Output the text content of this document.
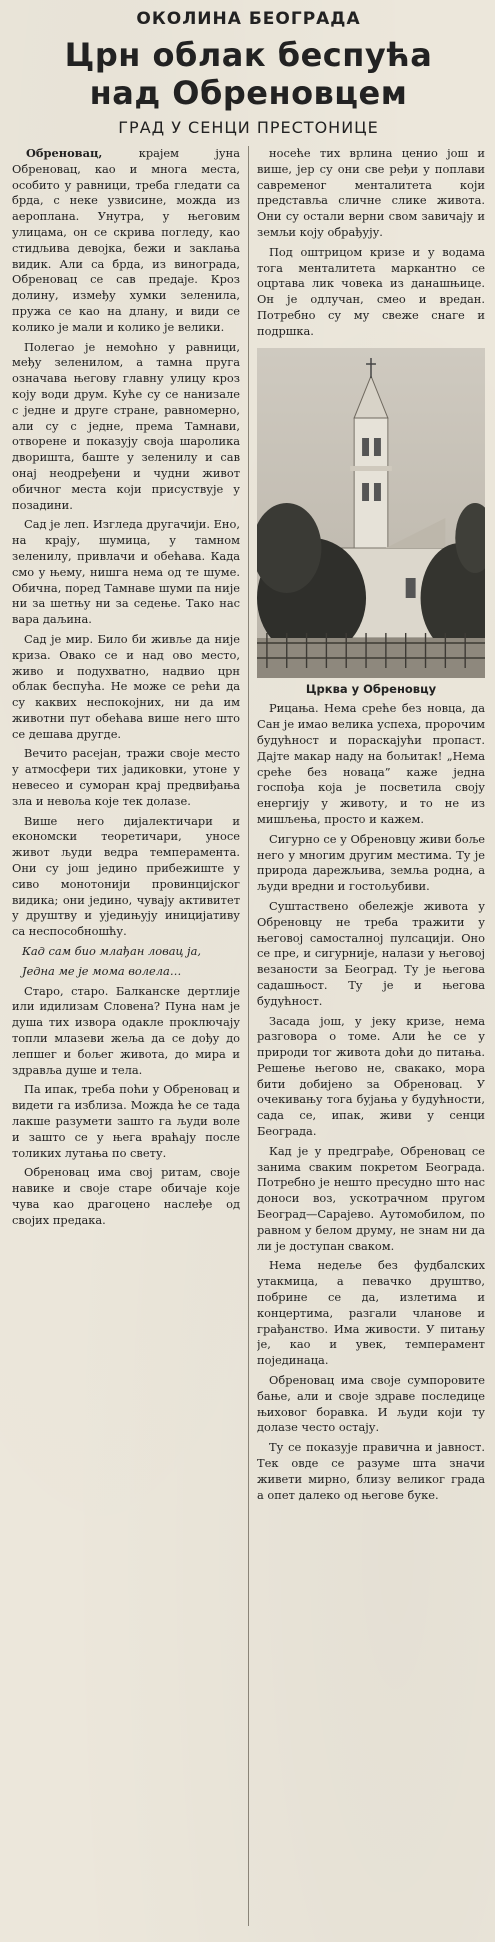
ОКОЛИНА БЕОГРАДА
Црн облак беспућа
над Обреновцем
ГРАД У СЕНЦИ ПРЕСТОНИЦЕ

Обреновац,	крајем јуна Обреновац, као и многа места, особито у равници, треба гледати са брда, с неке узвисине, можда из аероплана. Унутра, у његовим улицама, он се скрива погледу, као стидљива девојка, бежи и заклања видик. Али са брда, из винограда, Обреновац се сав предаје. Кроз долину, између хумки зеленила, пружа се као на длану, и види се колико је мали и колико је велики.

Полегао је немоћно у равници, међу зеленилом, а тамна пруга означава његову главну улицу кроз коју води друм. Куће су се нанизале с једне и друге стране, равномерно, али су с једне, према Тамнави, отворене и показују своја шаролика дворишта, баште у зеленилу и сав онај неодређени и чудни живот обичног места који присуствује у позадини.

Сад је леп. Изгледа другачији. Ено, на крају, шумица, у тамном зеленилу, привлачи и обећава. Када смо у њему, нишга нема од те шуме. Обична, поред Тамнаве шуми па није ни за шетњу ни за седење. Тако нас вара даљина.

Сад је мир. Било би живље да није криза. Овако се и над ово место, живо и подухватно, надвио црн облак беспућа. Не може се рећи да су каквих неспокојних, ни да им животни пут обећава више него што се дешава другде.

Вечито расејан, тражи своје место у атмосфери тих јадиковки, утоне у невесео и суморан крај предвиђања зла и невоља које тек долазе.

Више него дијалектичари и економски теоретичари, уносе живот људи ведра темперамента. Они су још једино прибежиште у сиво монотонији провинцијског видика; они једино, чувају активитет у друштву и уједињују иницијативу са неспособношћу.

Кад сам био млађан ловац ја,

Једна ме је мома волела…

Старо, старо. Балканске дертлије или идилизам Словена? Пуна нам је душа тих извора одакле проключају топли млазеви жеља да се дођу до лепшег и бољег живота, до мира и здравља душе и тела.

Па ипак, треба поћи у Обреновац и видети га изблиза. Можда ће се тада лакше разумети зашто га људи воле и зашто се у њега враћају после толиких лутања по свету.

Обреновац има свој ритам, своје навике и своје старе обичаје које чува као драгоцено наслеђе од својих предака.

носеће тих врлина ценио још и више, јер су они све ређи у поплави савременог менталитета који представља сличне слике живота. Они су остали верни свом завичају и земљи коју обрађују.

Под оштрицом кризе и у водама тога менталитета маркантно се оцртава лик човека из данашњице. Он је одлучан, смео и вредан. Потребно су му свеже снаге и подршка.

Црква у Обреновцу

Рицања. Нема среће без новца, да Сан је имао велика успеха, пророчим будућност и пораскајући пропаст. Дајте макар наду на бољитак! „Нема среће без новаца” каже једна госпођа која је посветила своју енергију у животу, и то не из мишљења, просто и кажем.

Сигурно се у Обреновцу живи боље него у многим другим местима. Ту је природа дарежљива, земља родна, а људи вредни и гостољубиви.

Суштаствено обележје живота у Обреновцу не треба тражити у његовој самосталној пулсацији. Оно се пре, и сигурније, налази у његовој везаности за Београд. Ту је његова садашњост. Ту је и његова будућност.

Засада још, у јеку кризе, нема разговора о томе. Али ће се у природи тог живота доћи до питања. Решење његово не, свакако, мора бити добијено за Обреновац. У очекивању тога бујања у будућности, сада се, ипак, живи у сенци Београда.

Кад је у предграђе, Обреновац се занима сваким покретом Београда. Потребно је нешто пресудно што нас доноси воз, ускотрачном пругом Београд—Сарајево. Аутомобилом, по равном у белом друму, не знам ни да ли је доступан сваком.

Нема недеље без фудбалских утакмица, а певачко друштво, побрине се да, излетима и концертима, разгали чланове и грађанство. Има живости. У питању је, као и увек, темперамент појединаца.

Обреновац има своје сумпоровите бање, али и своје здраве последице њиховог боравка. И људи који ту долазе често остају.

Ту се показује правична и јавност. Тек овде се разуме шта значи живети мирно, близу великог града а опет далеко од његове буке.
